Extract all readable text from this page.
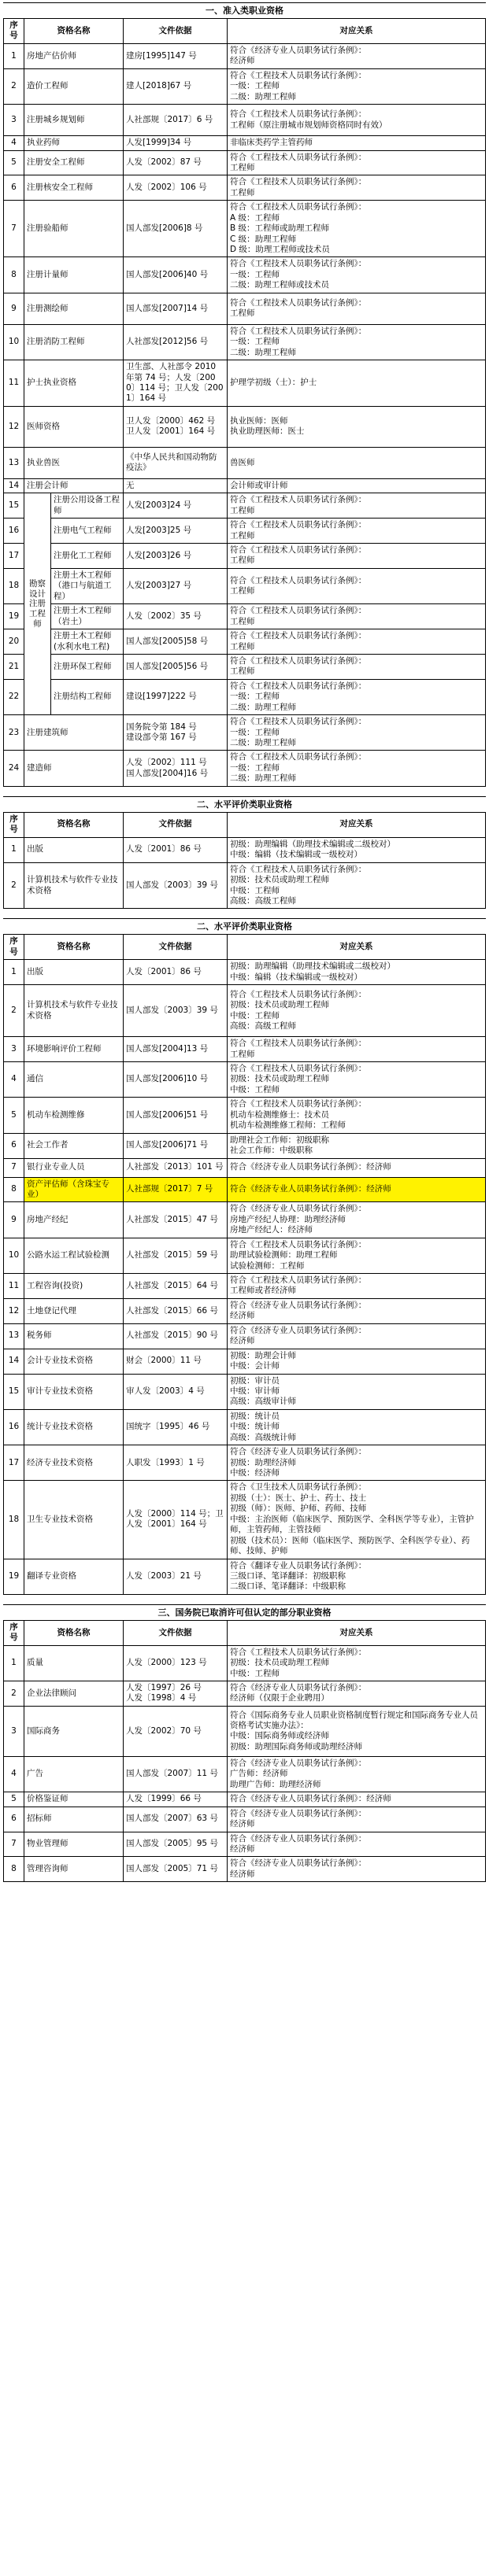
一、准入类职业资格
序号	资格名称		文件依据	对应关系
1	房地产估价师		建房[1995]147 号	符合《经济专业人员职务试行条例》：
经济师

2	造价工程师		建人[2018]67 号	符合《工程技术人员职务试行条例》：
一级：工程师
二级：助理工程师

3	注册城乡规划师		人社部规〔2017〕6 号	符合《工程技术人员职务试行条例》：
工程师（原注册城市规划师资格同时有效）

4	执业药师		人发[1999]34 号	非临床类药学主管药师

5	注册安全工程师		人发〔2002〕87 号	符合《工程技术人员职务试行条例》：
工程师

6	注册核安全工程师		人发〔2002〕106 号	符合《工程技术人员职务试行条例》：
工程师

7	注册验船师		国人部发[2006]8 号	符合《工程技术人员职务试行条例》：
A 级：工程师
B 级：工程师或助理工程师
C 级：助理工程师
D 级：助理工程师或技术员

8	注册计量师		国人部发[2006]40 号	符合《工程技术人员职务试行条例》：
一级：工程师
二级：助理工程师或技术员

9	注册测绘师		国人部发[2007]14 号	符合《工程技术人员职务试行条例》：
工程师

10	注册消防工程师		人社部发[2012]56 号	符合《工程技术人员职务试行条例》：
一级：工程师
二级：助理工程师

11	护士执业资格		卫生部、人社部令 2010 年第 74 号；人发〔2000〕114 号；卫人发〔2001〕164 号	护理学初级（士）：护士

12	医师资格		卫人发〔2000〕462 号
卫人发〔2001〕164 号	执业医师：医师
执业助理医师：医士

13	执业兽医		《中华人民共和国动物防疫法》	兽医师

14	注册会计师		无	会计师或审计师

15	勘察设计注册工程师	注册公用设备工程师	人发[2003]24 号	符合《工程技术人员职务试行条例》：
工程师

16		注册电气工程师	人发[2003]25 号	符合《工程技术人员职务试行条例》：
工程师

17		注册化工工程师	人发[2003]26 号	符合《工程技术人员职务试行条例》：
工程师

18		注册土木工程师（港口与航道工程）	人发[2003]27 号	符合《工程技术人员职务试行条例》：
工程师

19		注册土木工程师（岩土）	人发〔2002〕35 号	符合《工程技术人员职务试行条例》：
工程师

20		注册土木工程师(水利水电工程)	国人部发[2005]58 号	符合《工程技术人员职务试行条例》：
工程师

21		注册环保工程师	国人部发[2005]56 号	符合《工程技术人员职务试行条例》：
工程师

22		注册结构工程师	建设[1997]222 号	符合《工程技术人员职务试行条例》：
一级：工程师
二级：助理工程师

23	注册建筑师		国务院令第 184 号
建设部令第 167 号	符合《工程技术人员职务试行条例》：
一级：工程师
二级：助理工程师

24	建造师		人发〔2002〕111 号
国人部发[2004]16 号	符合《工程技术人员职务试行条例》：
一级：工程师
二级：助理工程师
二、水平评价类职业资格
序号	资格名称	文件依据	对应关系
1	出版	人发〔2001〕86 号	初级：助理编辑（助理技术编辑或二级校对）
中级：编辑（技术编辑或一级校对）

2	计算机技术与软件专业技术资格	国人部发〔2003〕39 号	符合《工程技术人员职务试行条例》：
初级：技术员或助理工程师
中级：工程师
高级：高级工程师
二、水平评价类职业资格
序号	资格名称	文件依据	对应关系
1	出版	人发〔2001〕86 号	初级：助理编辑（助理技术编辑或二级校对）
中级：编辑（技术编辑或一级校对）

2	计算机技术与软件专业技术资格	国人部发〔2003〕39 号	符合《工程技术人员职务试行条例》：
初级：技术员或助理工程师
中级：工程师
高级：高级工程师

3	环境影响评价工程师	国人部发[2004]13 号	符合《工程技术人员职务试行条例》：
工程师

4	通信	国人部发[2006]10 号	符合《工程技术人员职务试行条例》：
初级：技术员或助理工程师
中级：工程师

5	机动车检测维修	国人部发[2006]51 号	符合《工程技术人员职务试行条例》：
机动车检测维修士：技术员
机动车检测维修工程师：工程师

6	社会工作者	国人部发[2006]71 号	助理社会工作师：初级职称
社会工作师：中级职称

7	银行业专业人员	人社部发〔2013〕101 号	符合《经济专业人员职务试行条例》：经济师

8	资产评估师（含珠宝专业）	人社部规〔2017〕7 号	符合《经济专业人员职务试行条例》：经济师

9	房地产经纪	人社部发〔2015〕47 号	符合《经济专业人员职务试行条例》：
房地产经纪人协理：助理经济师
房地产经纪人：经济师

10	公路水运工程试验检测	人社部发〔2015〕59 号	符合《工程技术人员职务试行条例》：
助理试验检测师：助理工程师
试验检测师：工程师

11	工程咨询(投资)	人社部发〔2015〕64 号	符合《工程技术人员职务试行条例》：
工程师或者经济师

12	土地登记代理	人社部发〔2015〕66 号	符合《经济专业人员职务试行条例》：
经济师

13	税务师	人社部发〔2015〕90 号	符合《经济专业人员职务试行条例》：
经济师

14	会计专业技术资格	财会〔2000〕11 号	初级：助理会计师
中级：会计师

15	审计专业技术资格	审人发〔2003〕4 号	初级：审计员
中级：审计师
高级：高级审计师

16	统计专业技术资格	国统字〔1995〕46 号	初级：统计员
中级：统计师
高级：高级统计师

17	经济专业技术资格	人职发〔1993〕1 号	符合《经济专业人员职务试行条例》：
初级：助理经济师
中级：经济师

18	卫生专业技术资格	人发〔2000〕114 号；卫人发〔2001〕164 号	符合《卫生技术人员职务试行条例》：
初级（士）：医士、护士、药士、技士
初级（师）：医师、护师、药师、技师
中级：主治医师（临床医学、预防医学、全科医学等专业），主管护师，主管药师，主管技师
初级（技术员）：医师（临床医学、预防医学、全科医学专业）、药师、技师、护师

19	翻译专业资格	人发〔2003〕21 号	符合《翻译专业人员职务试行条例》：
三级口译、笔译翻译：初级职称
二级口译、笔译翻译：中级职称
三、国务院已取消许可但认定的部分职业资格
序号	资格名称	文件依据	对应关系
1	质量	人发〔2000〕123 号	符合《工程技术人员职务试行条例》：
初级：技术员或助理工程师
中级：工程师

2	企业法律顾问	人发〔1997〕26 号
人发〔1998〕4 号	符合《经济专业人员职务试行条例》：
经济师（仅限于企业聘用）

3	国际商务	人发〔2002〕70 号	符合《国际商务专业人员职业资格制度暂行规定和国际商务专业人员资格考试实施办法》：
中级：国际商务师或经济师
初级：助理国际商务师或助理经济师

4	广告	国人部发〔2007〕11 号	符合《经济专业人员职务试行条例》：
广告师：经济师
助理广告师：助理经济师

5	价格鉴证师	人发〔1999〕66 号	符合《经济专业人员职务试行条例》：经济师

6	招标师	国人部发〔2007〕63 号	符合《经济专业人员职务试行条例》：
经济师

7	物业管理师	国人部发〔2005〕95 号	符合《经济专业人员职务试行条例》：
经济师

8	管理咨询师	国人部发〔2005〕71 号	符合《经济专业人员职务试行条例》：
经济师
